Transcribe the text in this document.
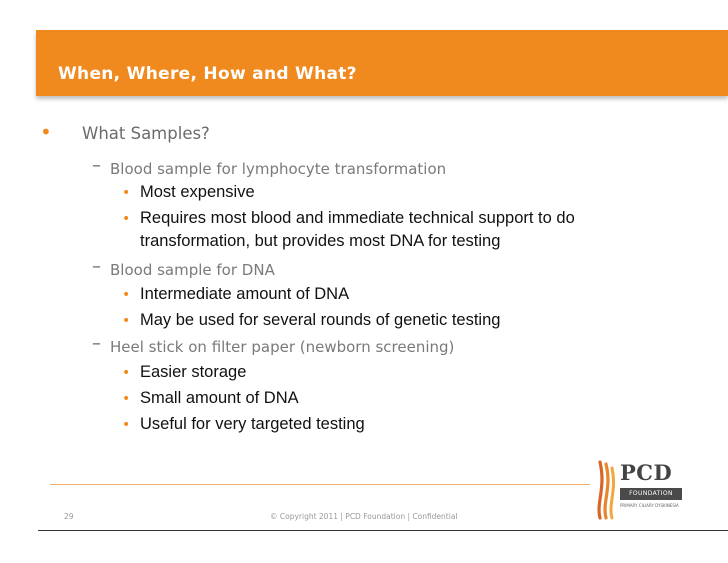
When, Where, How and What?
• What Samples?
– Blood sample for lymphocyte transformation
• Most expensive
• Requires most blood and immediate technical support to do
transformation, but provides most DNA for testing
– Blood sample for DNA
• Intermediate amount of DNA
• May be used for several rounds of genetic testing
– Heel stick on filter paper (newborn screening)
• Easier storage
• Small amount of DNA
• Useful for very targeted testing
PCD
FOUNDATION
PRIMARY CILIARY DYSKINESIA
29	© Copyright 2011 | PCD Foundation | Confidential
